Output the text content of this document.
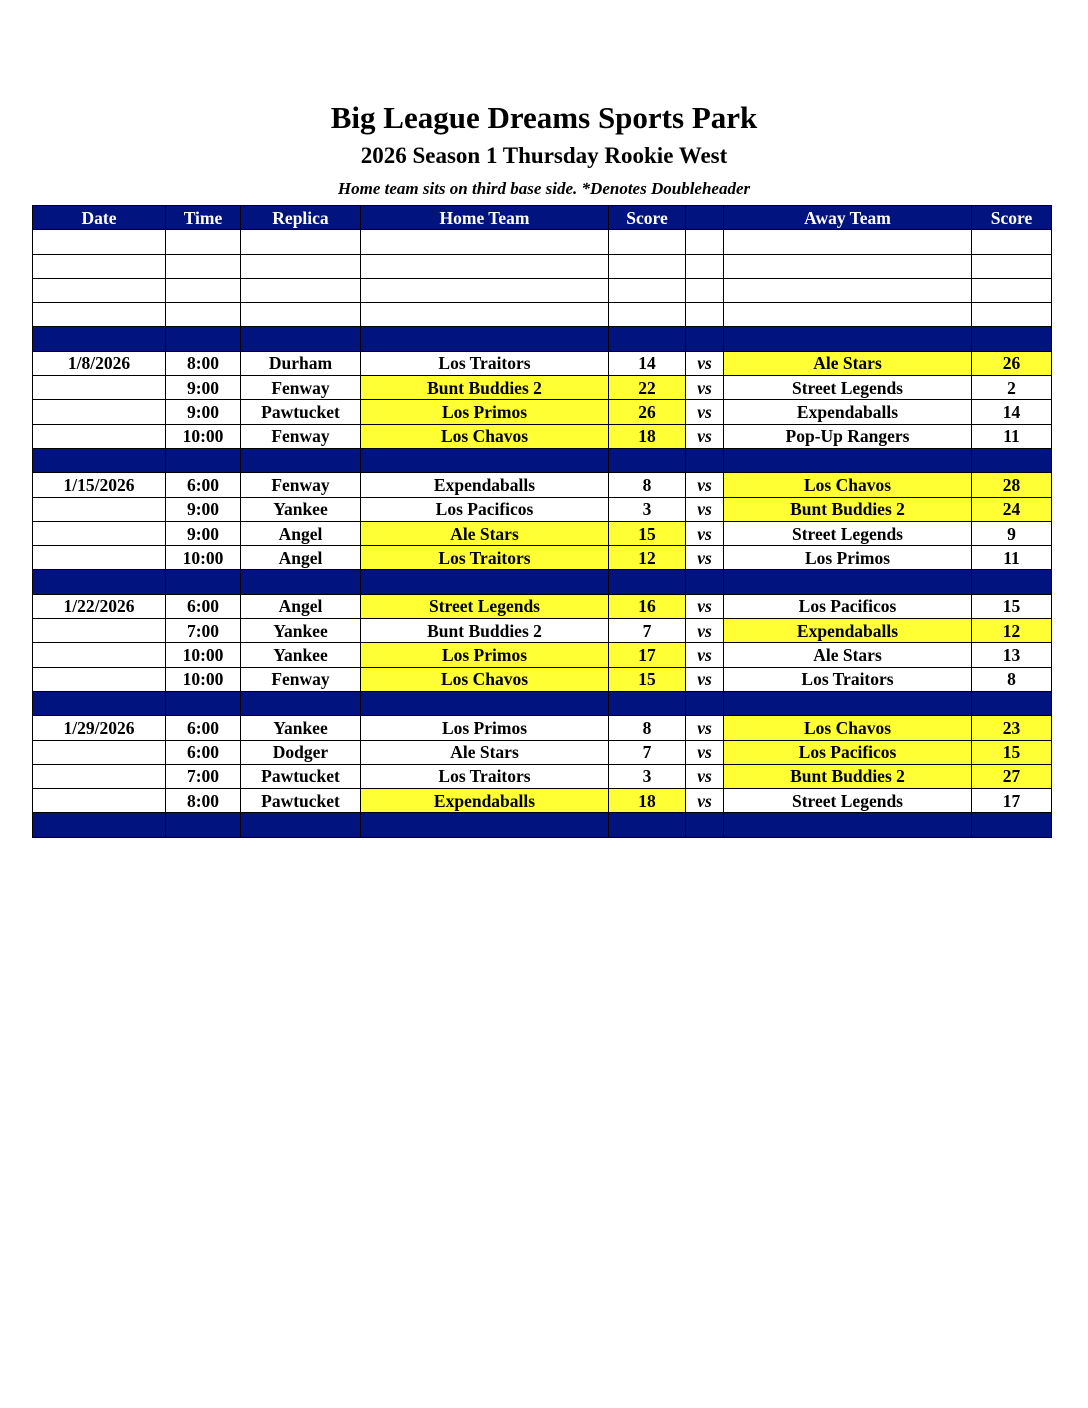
Big League Dreams Sports Park
2026 Season 1 Thursday Rookie West
Home team sits on third base side. *Denotes Doubleheader
Date	Time	Replica	Home Team	Score		Away Team	Score

1/8/2026	8:00	Durham	Los Traitors	14	vs	Ale Stars	26
	9:00	Fenway	Bunt Buddies 2	22	vs	Street Legends	2
	9:00	Pawtucket	Los Primos	26	vs	Expendaballs	14
	10:00	Fenway	Los Chavos	18	vs	Pop-Up Rangers	11

1/15/2026	6:00	Fenway	Expendaballs	8	vs	Los Chavos	28
	9:00	Yankee	Los Pacificos	3	vs	Bunt Buddies 2	24
	9:00	Angel	Ale Stars	15	vs	Street Legends	9
	10:00	Angel	Los Traitors	12	vs	Los Primos	11

1/22/2026	6:00	Angel	Street Legends	16	vs	Los Pacificos	15
	7:00	Yankee	Bunt Buddies 2	7	vs	Expendaballs	12
	10:00	Yankee	Los Primos	17	vs	Ale Stars	13
	10:00	Fenway	Los Chavos	15	vs	Los Traitors	8

1/29/2026	6:00	Yankee	Los Primos	8	vs	Los Chavos	23
	6:00	Dodger	Ale Stars	7	vs	Los Pacificos	15
	7:00	Pawtucket	Los Traitors	3	vs	Bunt Buddies 2	27
	8:00	Pawtucket	Expendaballs	18	vs	Street Legends	17
